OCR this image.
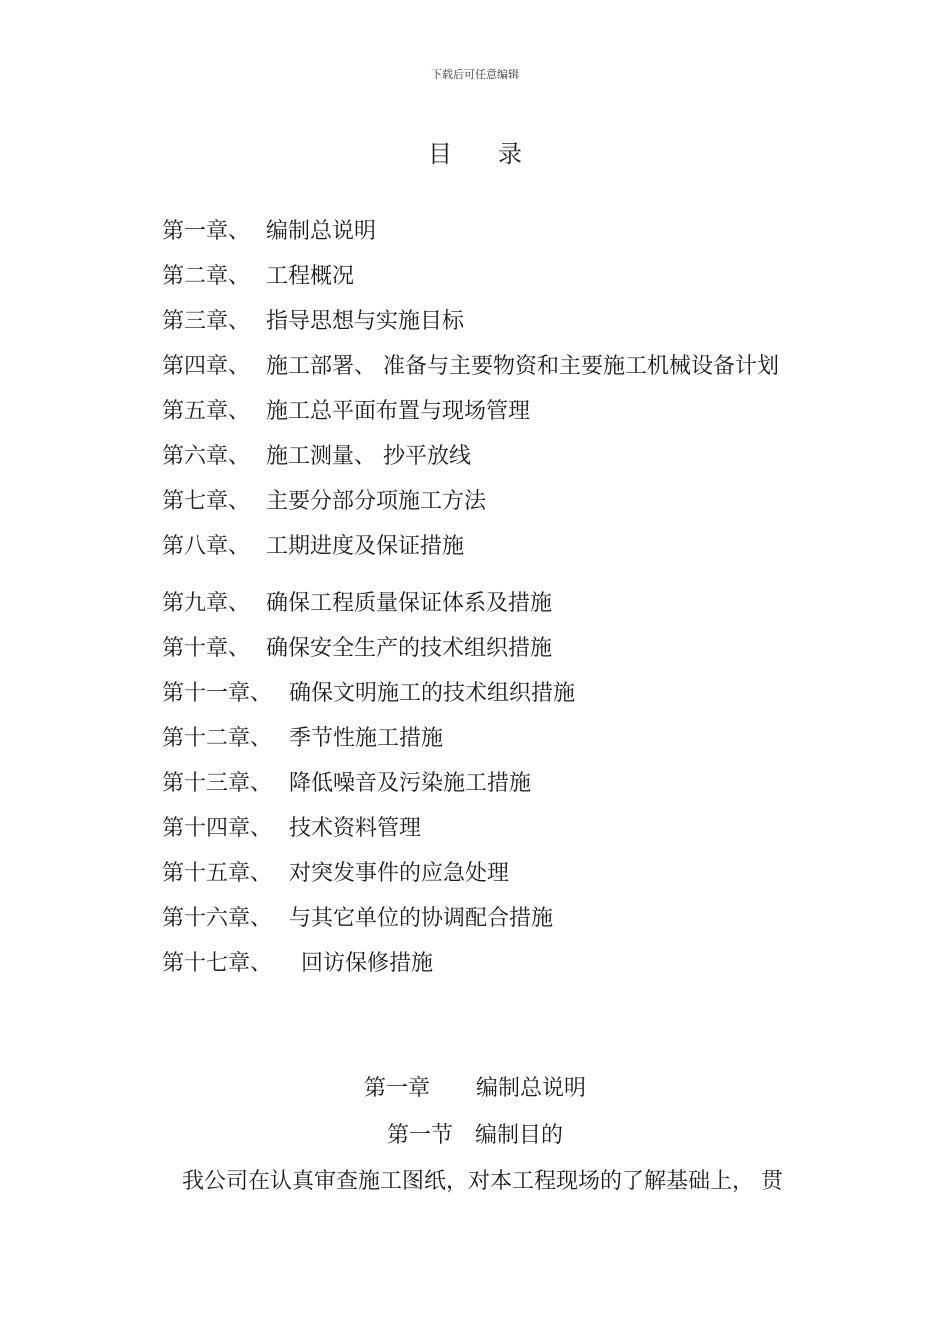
下载后可任意编辑
目 录
第一章、 编制总说明
第二章、 工程概况
第三章、 指导思想与实施目标
第四章、 施工部署、 准备与主要物资和主要施工机械设备计划
第五章、 施工总平面布置与现场管理
第六章、 施工测量、 抄平放线
第七章、 主要分部分项施工方法
第八章、 工期进度及保证措施
第九章、 确保工程质量保证体系及措施
第十章、 确保安全生产的技术组织措施
第十一章、 确保文明施工的技术组织措施
第十二章、 季节性施工措施
第十三章、 降低噪音及污染施工措施
第十四章、 技术资料管理
第十五章、 对突发事件的应急处理
第十六章、 与其它单位的协调配合措施
第十七章、 回访保修措施
第一章 编制总说明
第一节 编制目的
我公司在认真审查施工图纸，对本工程现场的了解基础上， 贯
